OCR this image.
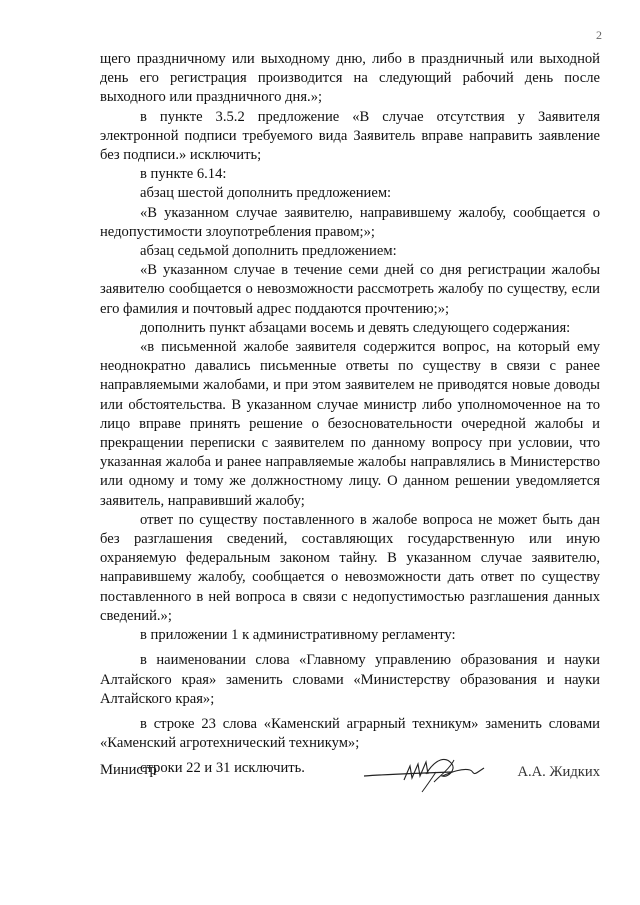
2

щего праздничному или выходному дню, либо в праздничный или выходной день его регистрация производится на следующий рабочий день после выходного или праздничного дня.»;

в пункте 3.5.2 предложение «В случае отсутствия у Заявителя электронной подписи требуемого вида Заявитель вправе направить заявление без подписи.» исключить;

в пункте 6.14:

абзац шестой дополнить предложением:

«В указанном случае заявителю, направившему жалобу, сообщается о недопустимости злоупотребления правом;»;

абзац седьмой дополнить предложением:

«В указанном случае в течение семи дней со дня регистрации жалобы заявителю сообщается о невозможности рассмотреть жалобу по существу, если его фамилия и почтовый адрес поддаются прочтению;»;

дополнить пункт абзацами восемь и девять следующего содержания:

«в письменной жалобе заявителя содержится вопрос, на который ему неоднократно давались письменные ответы по существу в связи с ранее направляемыми жалобами, и при этом заявителем не приводятся новые доводы или обстоятельства. В указанном случае министр либо уполномоченное на то лицо вправе принять решение о безосновательности очередной жалобы и прекращении переписки с заявителем по данному вопросу при условии, что указанная жалоба и ранее направляемые жалобы направлялись в Министерство или одному и тому же должностному лицу. О данном решении уведомляется заявитель, направивший жалобу;

ответ по существу поставленного в жалобе вопроса не может быть дан без разглашения сведений, составляющих государственную или иную охраняемую федеральным законом тайну. В указанном случае заявителю, направившему жалобу, сообщается о невозможности дать ответ по существу поставленного в ней вопроса в связи с недопустимостью разглашения данных сведений.»;

в приложении 1 к административному регламенту:

в наименовании слова «Главному управлению образования и науки Алтайского края» заменить словами «Министерству образования и науки Алтайского края»;

в строке 23 слова «Каменский аграрный техникум» заменить словами «Каменский агротехнический техникум»;

строки 22 и 31 исключить.

Министр	А.А. Жидких
